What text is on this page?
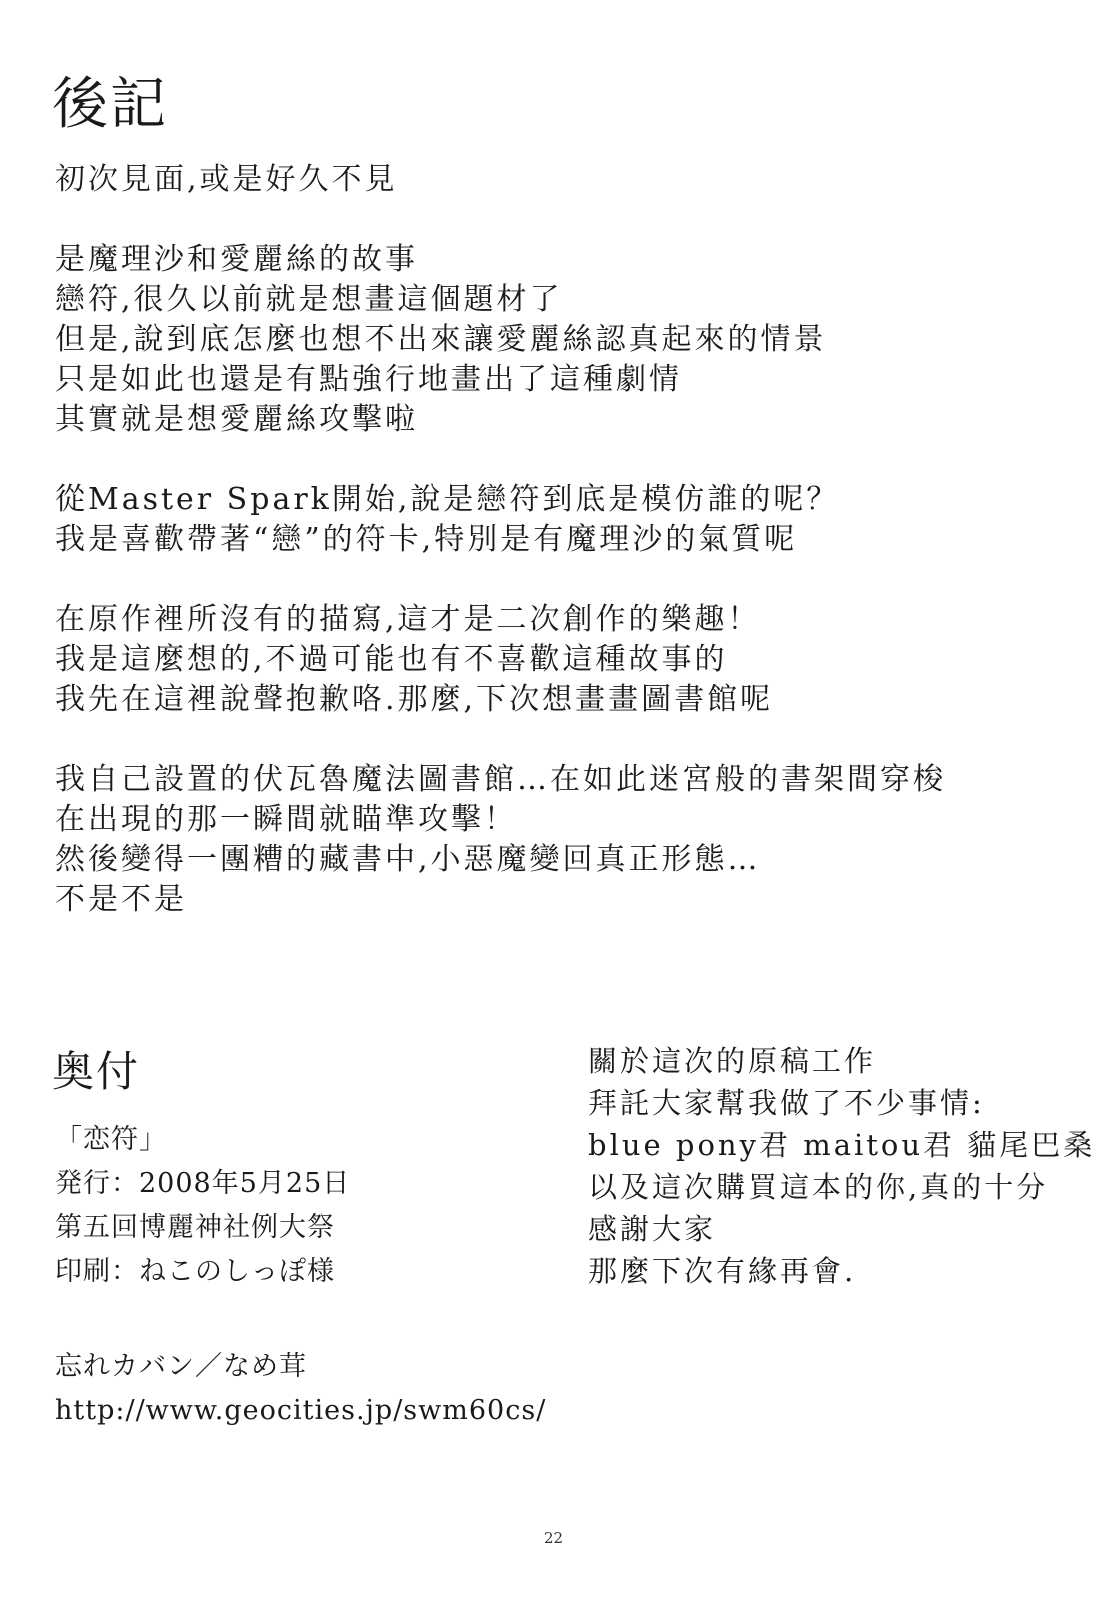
後記
初次見面,或是好久不見
是魔理沙和愛麗絲的故事
戀符,很久以前就是想畫這個題材了
但是,說到底怎麼也想不出來讓愛麗絲認真起來的情景
只是如此也還是有點強行地畫出了這種劇情
其實就是想愛麗絲攻擊啦
從Master Spark開始,說是戀符到底是模仿誰的呢？
我是喜歡帶著“戀”的符卡,特別是有魔理沙的氣質呢
在原作裡所沒有的描寫,這才是二次創作的樂趣！
我是這麼想的,不過可能也有不喜歡這種故事的
我先在這裡說聲抱歉咯.那麼,下次想畫畫圖書館呢
我自己設置的伏瓦魯魔法圖書館…在如此迷宮般的書架間穿梭
在出現的那一瞬間就瞄準攻擊！
然後變得一團糟的藏書中,小惡魔變回真正形態…
不是不是
奥付
「恋符」
発行：2008年5月25日
第五回博麗神社例大祭
印刷：ねこのしっぽ様
忘れカバン／なめ茸
http://www.geocities.jp/swm60cs/
關於這次的原稿工作
拜託大家幫我做了不少事情:
blue pony君 maitou君 貓尾巴桑
以及這次購買這本的你,真的十分
感謝大家
那麼下次有緣再會.
22
